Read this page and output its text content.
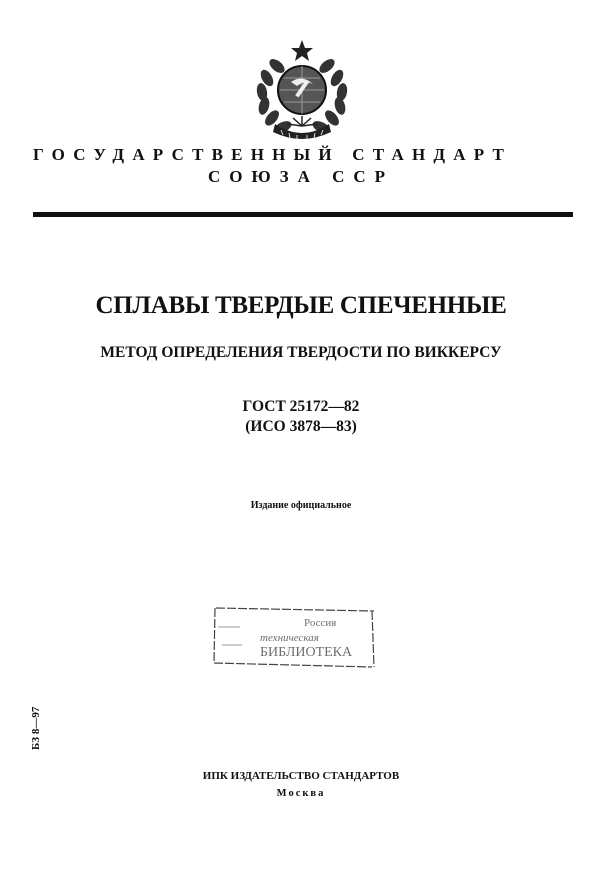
ГОСУДАРСТВЕННЫЙ СТАНДАРТ
СОЮЗА ССР
СПЛАВЫ ТВЕРДЫЕ СПЕЧЕННЫЕ
МЕТОД ОПРЕДЕЛЕНИЯ ТВЕРДОСТИ ПО ВИККЕРСУ
ГОСТ 25172—82
(ИСО 3878—83)
Издание официальное
Россия
техническая
БИБЛИОТЕКА
БЗ 8—97
ИПК ИЗДАТЕЛЬСТВО СТАНДАРТОВ
Москва
